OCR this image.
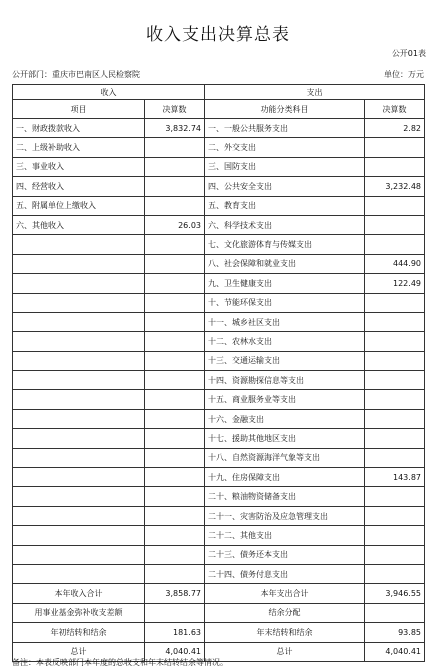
收入支出决算总表
公开01表
公开部门：重庆市巴南区人民检察院	单位：万元
收入		支出	
项目	决算数	功能分类科目	决算数
一、财政拨款收入	3,832.74	一、一般公共服务支出	2.82
二、上级补助收入		二、外交支出	
三、事业收入		三、国防支出	
四、经营收入		四、公共安全支出	3,232.48
五、附属单位上缴收入		五、教育支出	
六、其他收入	26.03	六、科学技术支出	
		七、文化旅游体育与传媒支出	
		八、社会保障和就业支出	444.90
		九、卫生健康支出	122.49
		十、节能环保支出	
		十一、城乡社区支出	
		十二、农林水支出	
		十三、交通运输支出	
		十四、资源勘探信息等支出	
		十五、商业服务业等支出	
		十六、金融支出	
		十七、援助其他地区支出	
		十八、自然资源海洋气象等支出	
		十九、住房保障支出	143.87
		二十、粮油物资储备支出	
		二十一、灾害防治及应急管理支出	
		二十二、其他支出	
		二十三、债务还本支出	
		二十四、债务付息支出	
本年收入合计	3,858.77	本年支出合计	3,946.55
用事业基金弥补收支差额		结余分配	
年初结转和结余	181.63	年末结转和结余	93.85
总计	4,040.41	总计	4,040.41
备注：本表反映部门本年度的总收支和年末结转结余等情况。
